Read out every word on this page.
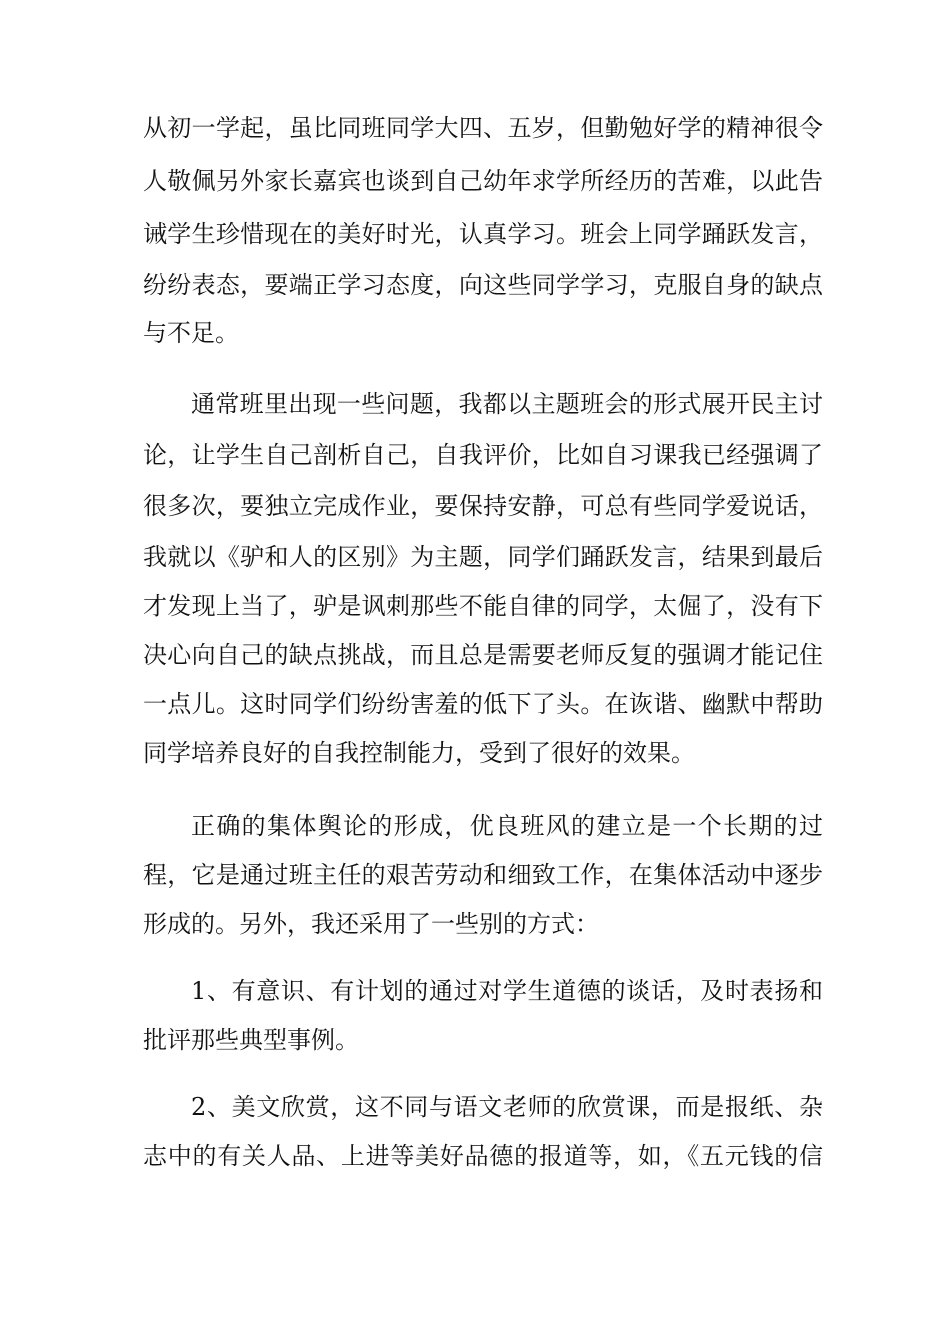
从初一学起，虽比同班同学大四、五岁，但勤勉好学的精神很令

人敬佩另外家长嘉宾也谈到自己幼年求学所经历的苦难，以此告

诫学生珍惜现在的美好时光，认真学习。班会上同学踊跃发言，

纷纷表态，要端正学习态度，向这些同学学习，克服自身的缺点

与不足。

通常班里出现一些问题，我都以主题班会的形式展开民主讨

论，让学生自己剖析自己，自我评价，比如自习课我已经强调了

很多次，要独立完成作业，要保持安静，可总有些同学爱说话，

我就以《驴和人的区别》为主题，同学们踊跃发言，结果到最后

才发现上当了，驴是讽刺那些不能自律的同学，太倔了，没有下

决心向自己的缺点挑战，而且总是需要老师反复的强调才能记住

一点儿。这时同学们纷纷害羞的低下了头。在诙谐、幽默中帮助

同学培养良好的自我控制能力，受到了很好的效果。

正确的集体舆论的形成，优良班风的建立是一个长期的过

程，它是通过班主任的艰苦劳动和细致工作，在集体活动中逐步

形成的。另外，我还采用了一些别的方式：

1、有意识、有计划的通过对学生道德的谈话，及时表扬和

批评那些典型事例。

2、美文欣赏，这不同与语文老师的欣赏课，而是报纸、杂

志中的有关人品、上进等美好品德的报道等，如，《五元钱的信
